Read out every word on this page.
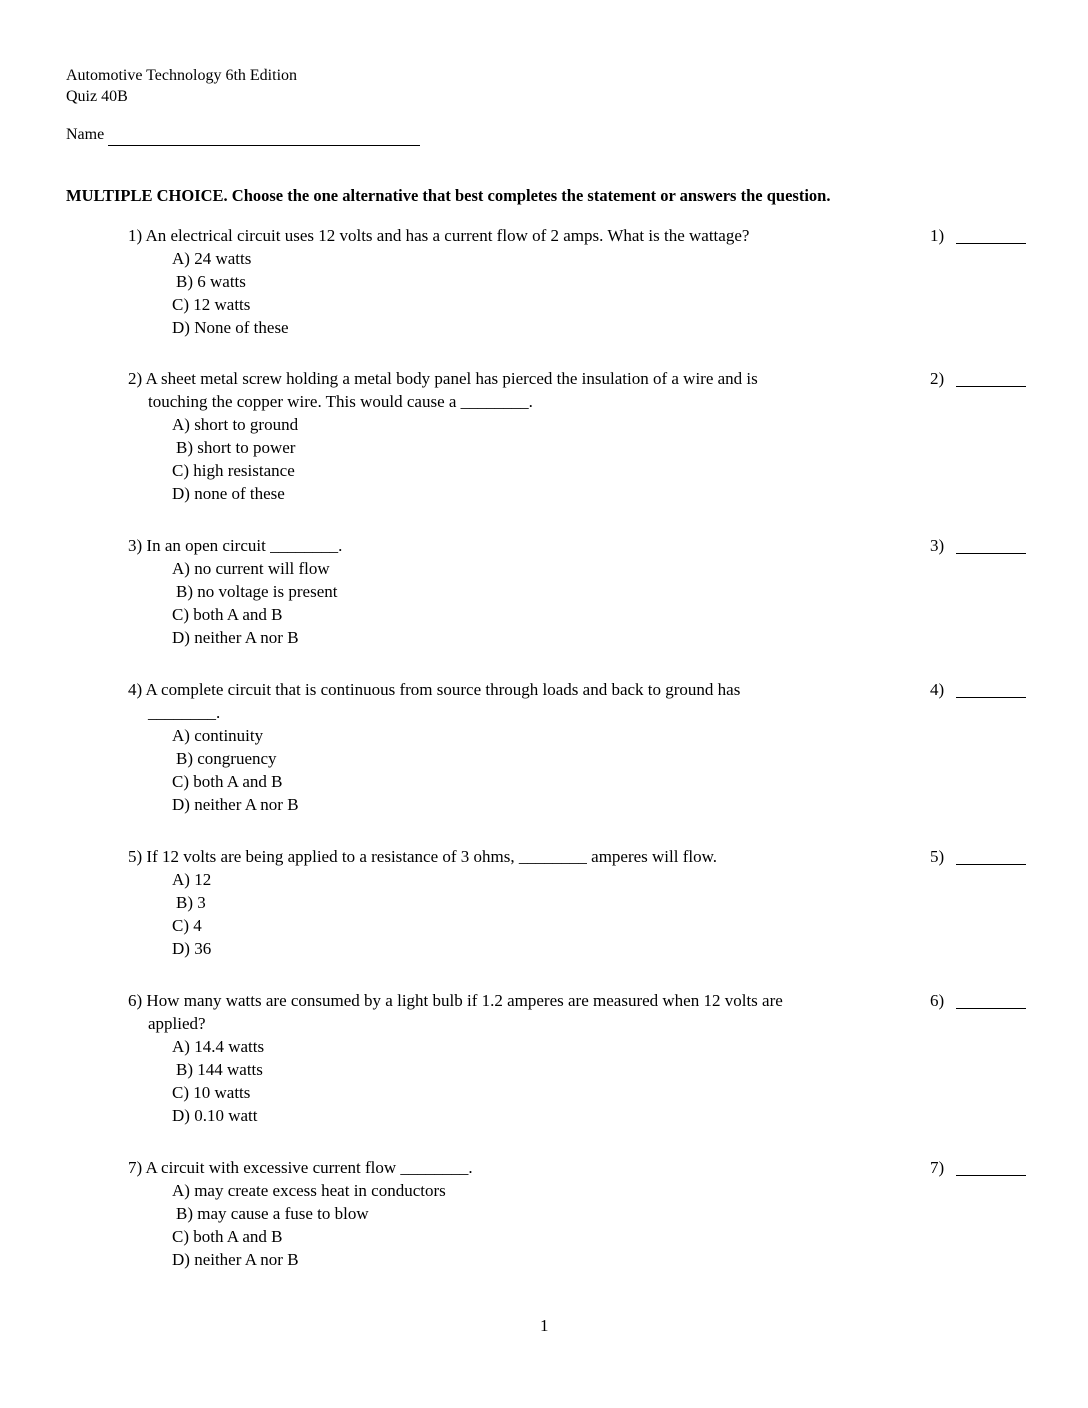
Automotive Technology 6th Edition
Quiz 40B
Name
MULTIPLE CHOICE. Choose the one alternative that best completes the statement or answers the question.
1) An electrical circuit uses 12 volts and has a current flow of 2 amps. What is the wattage?
A) 24 watts
B) 6 watts
C) 12 watts
D) None of these
1)
2) A sheet metal screw holding a metal body panel has pierced the insulation of a wire and is
touching the copper wire. This would cause a ________.
A) short to ground
B) short to power
C) high resistance
D) none of these
2)
3) In an open circuit ________.
A) no current will flow
B) no voltage is present
C) both A and B
D) neither A nor B
3)
4) A complete circuit that is continuous from source through loads and back to ground has
________.
A) continuity
B) congruency
C) both A and B
D) neither A nor B
4)
5) If 12 volts are being applied to a resistance of 3 ohms, ________ amperes will flow.
A) 12
B) 3
C) 4
D) 36
5)
6) How many watts are consumed by a light bulb if 1.2 amperes are measured when 12 volts are
applied?
A) 14.4 watts
B) 144 watts
C) 10 watts
D) 0.10 watt
6)
7) A circuit with excessive current flow ________.
A) may create excess heat in conductors
B) may cause a fuse to blow
C) both A and B
D) neither A nor B
7)
1
